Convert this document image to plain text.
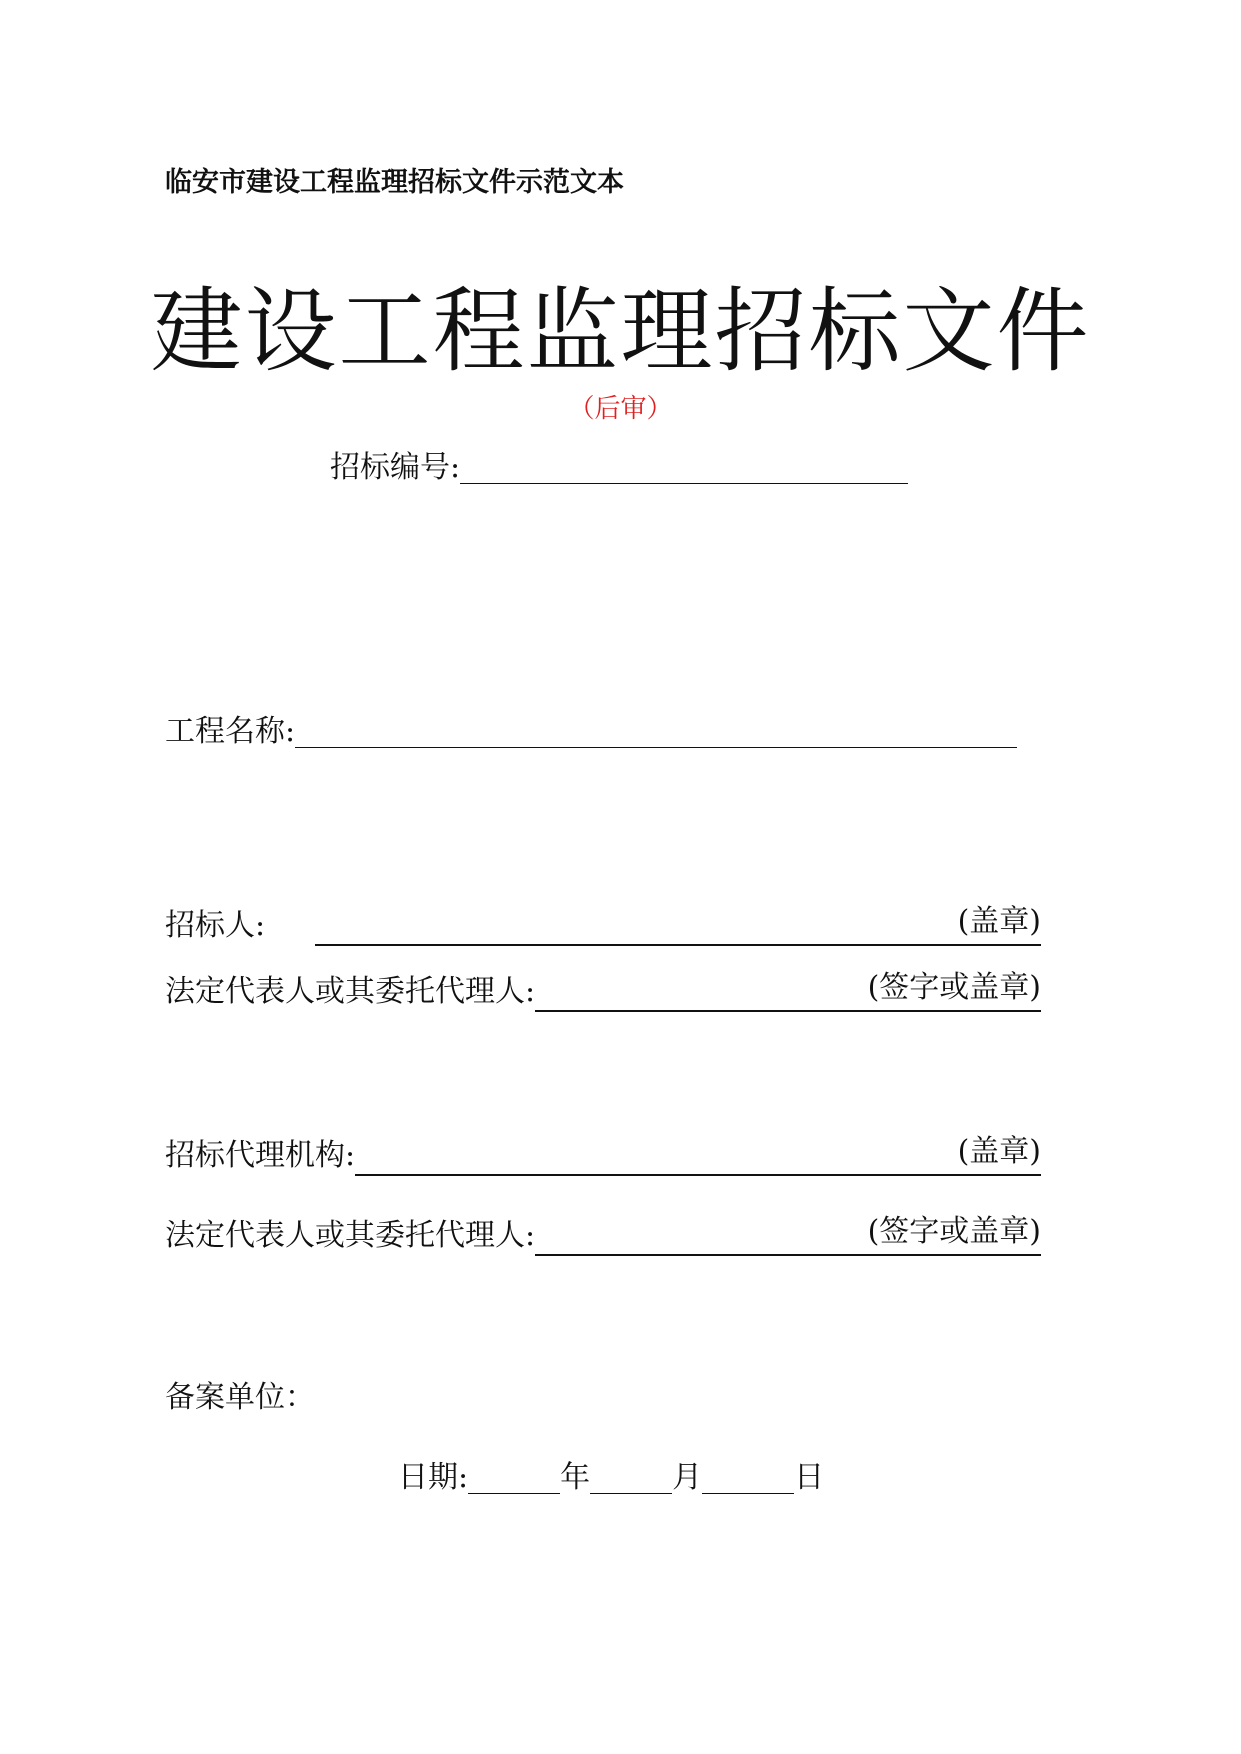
临安市建设工程监理招标文件示范文本
建设工程监理招标文件
（后审）
招标编号:
工程名称:
招标人:	(盖章)
法定代表人或其委托代理人:	(签字或盖章)
招标代理机构:	(盖章)
法定代表人或其委托代理人:	(签字或盖章)
备案单位：
日期:	年	月	日
